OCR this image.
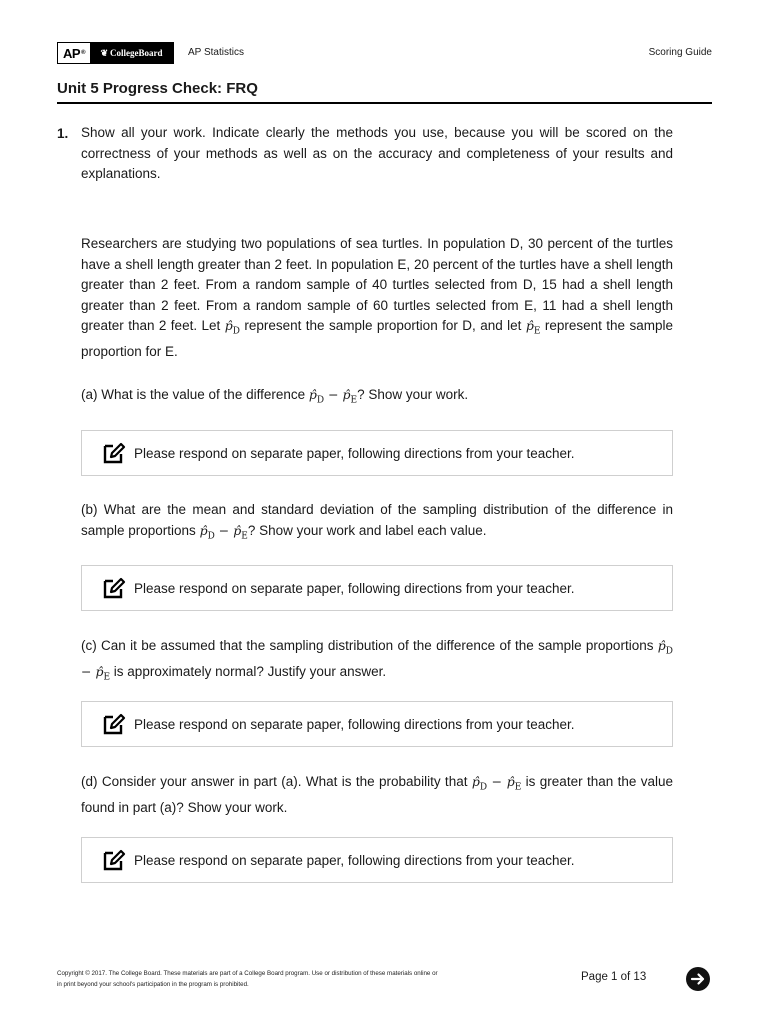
AP ® ❦ CollegeBoard	AP Statistics	Scoring Guide
Unit 5 Progress Check: FRQ
1. Show all your work. Indicate clearly the methods you use, because you will be scored on the correctness of your methods as well as on the accuracy and completeness of your results and explanations.
Researchers are studying two populations of sea turtles. In population D, 30 percent of the turtles have a shell length greater than 2 feet. In population E, 20 percent of the turtles have a shell length greater than 2 feet. From a random sample of 40 turtles selected from D, 15 had a shell length greater than 2 feet. From a random sample of 60 turtles selected from E, 11 had a shell length greater than 2 feet. Let $p̂_D$ represent the sample proportion for D, and let $p̂_E$ represent the sample proportion for E.
(a) What is the value of the difference $p̂_D$ − $p̂_E$? Show your work.
Please respond on separate paper, following directions from your teacher.
(b) What are the mean and standard deviation of the sampling distribution of the difference in sample proportions $p̂_D$ − $p̂_E$? Show your work and label each value.
Please respond on separate paper, following directions from your teacher.
(c) Can it be assumed that the sampling distribution of the difference of the sample proportions $p̂_D$ − $p̂_E$ is approximately normal? Justify your answer.
Please respond on separate paper, following directions from your teacher.
(d) Consider your answer in part (a). What is the probability that $p̂_D$ − $p̂_E$ is greater than the value found in part (a)? Show your work.
Please respond on separate paper, following directions from your teacher.
Copyright © 2017. The College Board. These materials are part of a College Board program. Use or distribution of these materials online or
in print beyond your school's participation in the program is prohibited.
Page 1 of 13
